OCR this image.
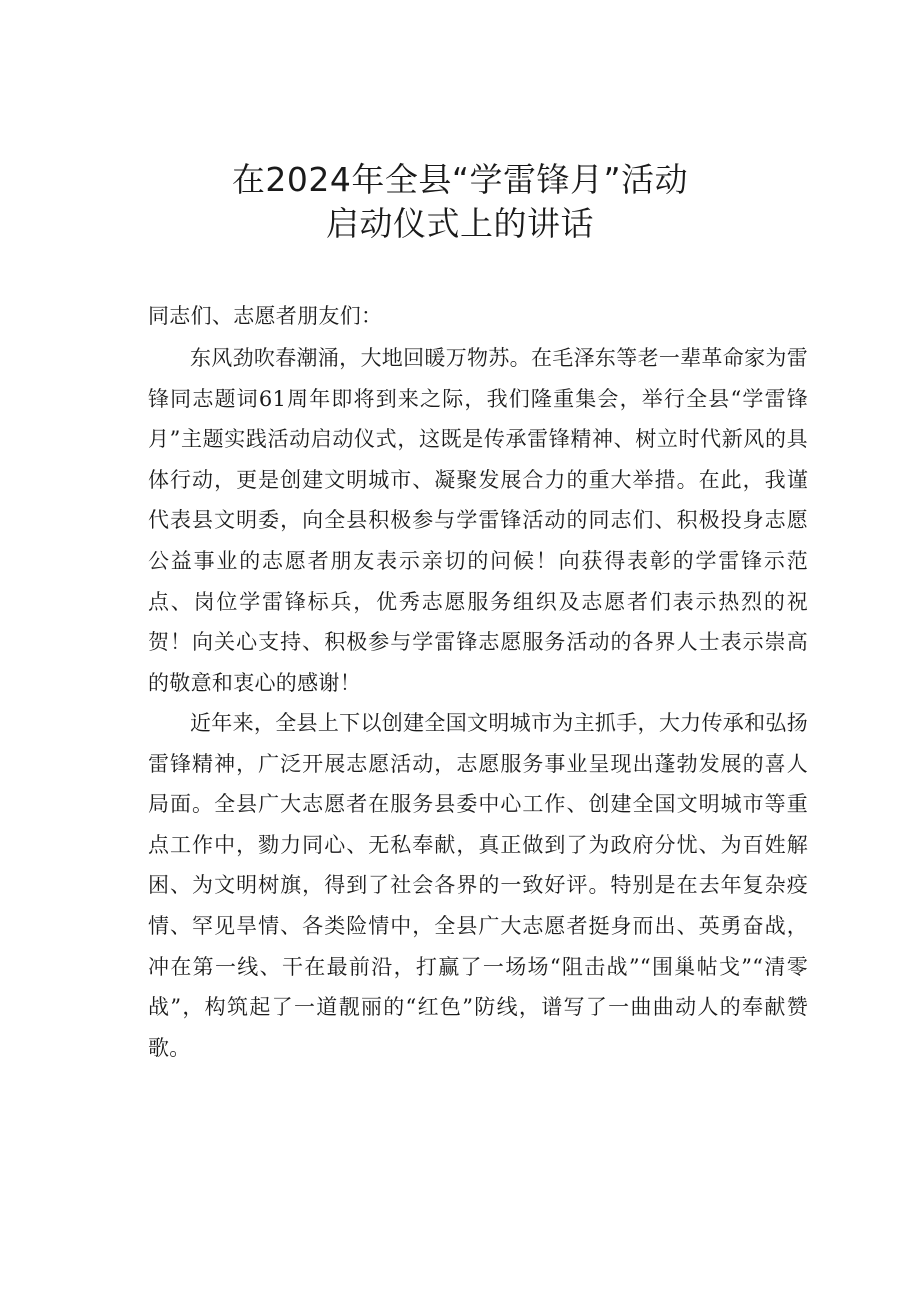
在2024年全县“学雷锋月”活动
启动仪式上的讲话

同志们、志愿者朋友们：

东风劲吹春潮涌，大地回暖万物苏。在毛泽东等老一辈革命家为雷锋同志题词61周年即将到来之际，我们隆重集会，举行全县“学雷锋月”主题实践活动启动仪式，这既是传承雷锋精神、树立时代新风的具体行动，更是创建文明城市、凝聚发展合力的重大举措。在此，我谨代表县文明委，向全县积极参与学雷锋活动的同志们、积极投身志愿公益事业的志愿者朋友表示亲切的问候！向获得表彰的学雷锋示范点、岗位学雷锋标兵，优秀志愿服务组织及志愿者们表示热烈的祝贺！向关心支持、积极参与学雷锋志愿服务活动的各界人士表示崇高的敬意和衷心的感谢！

近年来，全县上下以创建全国文明城市为主抓手，大力传承和弘扬雷锋精神，广泛开展志愿活动，志愿服务事业呈现出蓬勃发展的喜人局面。全县广大志愿者在服务县委中心工作、创建全国文明城市等重点工作中，勠力同心、无私奉献，真正做到了为政府分忧、为百姓解困、为文明树旗，得到了社会各界的一致好评。特别是在去年复杂疫情、罕见旱情、各类险情中，全县广大志愿者挺身而出、英勇奋战，冲在第一线、干在最前沿，打赢了一场场“阻击战”“围巢帖戈”“清零战”，构筑起了一道靓丽的“红色”防线，谱写了一曲曲动人的奉献赞歌。
